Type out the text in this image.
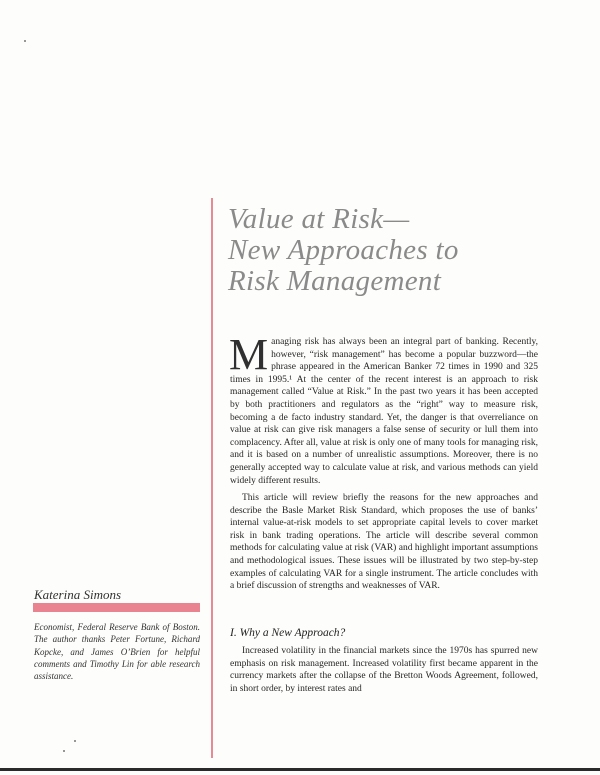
Value at Risk—
New Approaches to
Risk Management

Managing risk has always been an integral part of banking. Recently, however, “risk management” has become a popular buzzword—the phrase appeared in the American Banker 72 times in 1990 and 325 times in 1995.¹ At the center of the recent interest is an approach to risk management called “Value at Risk.” In the past two years it has been accepted by both practitioners and regulators as the “right” way to measure risk, becoming a de facto industry standard. Yet, the danger is that overreliance on value at risk can give risk managers a false sense of security or lull them into complacency. After all, value at risk is only one of many tools for managing risk, and it is based on a number of unrealistic assumptions. Moreover, there is no generally accepted way to calculate value at risk, and various methods can yield widely different results.

This article will review briefly the reasons for the new approaches and describe the Basle Market Risk Standard, which proposes the use of banks’ internal value-at-risk models to set appropriate capital levels to cover market risk in bank trading operations. The article will describe several common methods for calculating value at risk (VAR) and highlight important assumptions and methodological issues. These issues will be illustrated by two step-by-step examples of calculating VAR for a single instrument. The article concludes with a brief discussion of strengths and weaknesses of VAR.

I. Why a New Approach?

Increased volatility in the financial markets since the 1970s has spurred new emphasis on risk management. Increased volatility first became apparent in the currency markets after the collapse of the Bretton Woods Agreement, followed, in short order, by interest rates and

Katerina Simons

Economist, Federal Reserve Bank of Boston. The author thanks Peter Fortune, Richard Kopcke, and James O’Brien for helpful comments and Timothy Lin for able research assistance.
